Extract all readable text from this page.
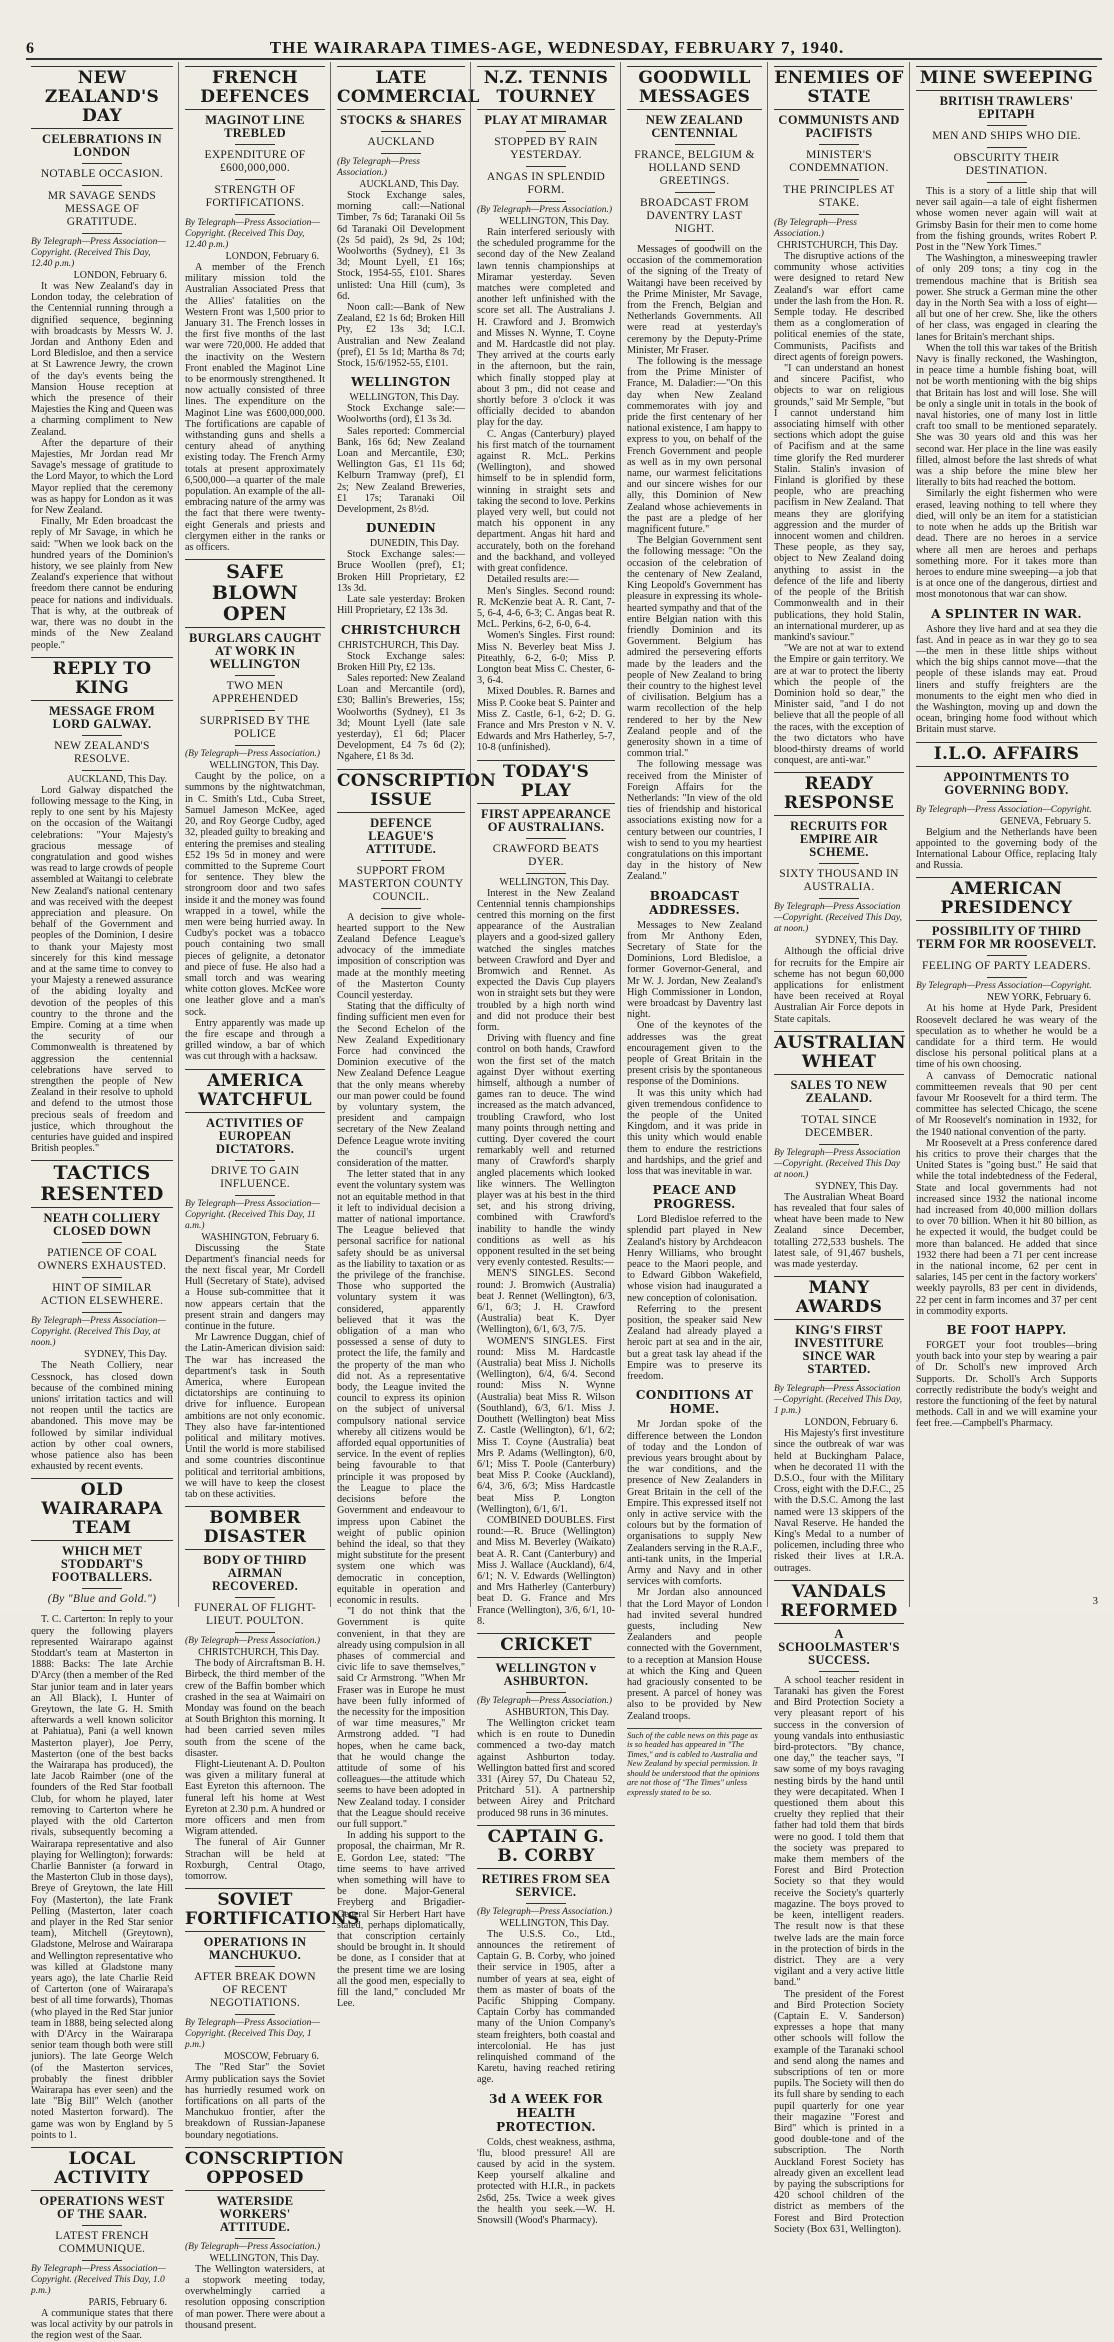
6	THE WAIRARAPA TIMES-AGE, WEDNESDAY, FEBRUARY 7, 1940.
NEW ZEALAND'S DAY
CELEBRATIONS IN LONDON
NOTABLE OCCASION.
MR SAVAGE SENDS MESSAGE OF GRATITUDE.
By Telegraph—Press Association—Copyright. (Received This Day, 12.40 p.m.)
LONDON, February 6.

It was New Zealand's day in London today, the celebration of the Centennial running through a dignified sequence, beginning with broadcasts by Messrs W. J. Jordan and Anthony Eden and Lord Bledisloe, and then a service at St Lawrence Jewry, the crown of the day's events being the Mansion House reception at which the presence of their Majesties the King and Queen was a charming compliment to New Zealand.

After the departure of their Majesties, Mr Jordan read Mr Savage's message of gratitude to the Lord Mayor, to which the Lord Mayor replied that the ceremony was as happy for London as it was for New Zealand.

Finally, Mr Eden broadcast the reply of Mr Savage, in which he said: "When we look back on the hundred years of the Dominion's history, we see plainly from New Zealand's experience that without freedom there cannot be enduring peace for nations and individuals. That is why, at the outbreak of war, there was no doubt in the minds of the New Zealand people."

REPLY TO KING
MESSAGE FROM LORD GALWAY.
NEW ZEALAND'S RESOLVE.
AUCKLAND, This Day.

Lord Galway dispatched the following message to the King, in reply to one sent by his Majesty on the occasion of the Waitangi celebrations: "Your Majesty's gracious message of congratulation and good wishes was read to large crowds of people assembled at Waitangi to celebrate New Zealand's national centenary and was received with the deepest appreciation and pleasure. On behalf of the Government and peoples of the Dominion, I desire to thank your Majesty most sincerely for this kind message and at the same time to convey to your Majesty a renewed assurance of the abiding loyalty and devotion of the peoples of this country to the throne and the Empire. Coming at a time when the security of our Commonwealth is threatened by aggression the centennial celebrations have served to strengthen the people of New Zealand in their resolve to uphold and defend to the utmost those precious seals of freedom and justice, which throughout the centuries have guided and inspired British peoples."

TACTICS RESENTED
NEATH COLLIERY CLOSED DOWN
PATIENCE OF COAL OWNERS EXHAUSTED.
HINT OF SIMILAR ACTION ELSEWHERE.
By Telegraph—Press Association—Copyright. (Received This Day, at noon.)
SYDNEY, This Day.

The Neath Colliery, near Cessnock, has closed down because of the combined mining unions' irritation tactics and will not reopen until the tactics are abandoned. This move may be followed by similar individual action by other coal owners, whose patience also has been exhausted by recent events.

OLD WAIRARAPA TEAM
WHICH MET STODDART'S FOOTBALLERS.
(By "Blue and Gold.")

T. C. Carterton: In reply to your query the following players represented Wairarapo against Stoddart's team at Masterton in 1888: Backs: The late Archie D'Arcy (then a member of the Red Star junior team and in later years an All Black), I. Hunter of Greytown, the late G. H. Smith afterwards a well known solicitor at Pahiatua), Pani (a well known Masterton player), Joe Perry, Masterton (one of the best backs the Wairarapa has produced), the late Jacob Raimber (one of the founders of the Red Star football Club, for whom he played, later removing to Carterton where he played with the old Carterton rivals, subsequently becoming a Wairarapa representative and also playing for Wellington); forwards: Charlie Bannister (a forward in the Masterton Club in those days), Breye of Greytown, the late Hill Foy (Masterton), the late Frank Pelling (Masterton, later coach and player in the Red Star senior team), Mitchell (Greytown), Gladstone, Melrose and Wairarapa and Wellington representative who was killed at Gladstone many years ago), the late Charlie Reid of Carterton (one of Wairarapa's best of all time forwards), Thomas (who played in the Red Star junior team in 1888, being selected along with D'Arcy in the Wairarapa senior team though both were still juniors). The late George Welch (of the Masterton services, probably the finest dribbler Wairarapa has ever seen) and the late "Big Bill" Welch (another noted Masterton forward). The game was won by England by 5 points to 1.

LOCAL ACTIVITY
OPERATIONS WEST OF THE SAAR.
LATEST FRENCH COMMUNIQUE.
By Telegraph—Press Association—Copyright. (Received This Day, 1.0 p.m.)
PARIS, February 6.

A communique states that there was local activity by our patrols in the region west of the Saar.

FRENCH DEFENCES
MAGINOT LINE TREBLED
EXPENDITURE OF £600,000,000.
STRENGTH OF FORTIFICATIONS.
By Telegraph—Press Association—Copyright. (Received This Day, 12.40 p.m.)
LONDON, February 6.

A member of the French military mission told the Australian Associated Press that the Allies' fatalities on the Western Front was 1,500 prior to January 31. The French losses in the first five months of the last war were 720,000. He added that the inactivity on the Western Front enabled the Maginot Line to be enormously strengthened. It now actually consisted of three lines. The expenditure on the Maginot Line was £600,000,000. The fortifications are capable of withstanding guns and shells a century ahead of anything existing today. The French Army totals at present approximately 6,500,000—a quarter of the male population. An example of the all-embracing nature of the army was the fact that there were twenty-eight Generals and priests and clergymen either in the ranks or as officers.

SAFE BLOWN OPEN
BURGLARS CAUGHT AT WORK IN WELLINGTON
TWO MEN APPREHENDED
SURPRISED BY THE POLICE
(By Telegraph—Press Association.)
WELLINGTON, This Day.

Caught by the police, on a summons by the nightwatchman, in C. Smith's Ltd., Cuba Street, Samuel Jameson McKee, aged 20, and Roy George Cudby, aged 32, pleaded guilty to breaking and entering the premises and stealing £52 19s 5d in money and were committed to the Supreme Court for sentence. They blew the strongroom door and two safes inside it and the money was found wrapped in a towel, while the men were being hurried away. In Cudby's pocket was a tobacco pouch containing two small pieces of gelignite, a detonator and piece of fuse. He also had a small torch and was wearing white cotton gloves. McKee wore one leather glove and a man's sock.

Entry apparently was made up the fire escape and through a grilled window, a bar of which was cut through with a hacksaw.

AMERICA WATCHFUL
ACTIVITIES OF EUROPEAN DICTATORS.
DRIVE TO GAIN INFLUENCE.
By Telegraph—Press Association—Copyright. (Received This Day, 11 a.m.)
WASHINGTON, February 6.

Discussing the State Department's financial needs for the next fiscal year, Mr Cordell Hull (Secretary of State), advised a House sub-committee that it now appears certain that the present strain and dangers may continue in the future.

Mr Lawrence Duggan, chief of the Latin-American division said: The war has increased the department's task in South America, where European dictatorships are continuing to drive for influence. European ambitions are not only economic. They also have far-intentioned political and military motives. Until the world is more stabilised and some countries discontinue political and territorial ambitions, we will have to keep the closest tab on these activities.

BOMBER DISASTER
BODY OF THIRD AIRMAN RECOVERED.
FUNERAL OF FLIGHT-LIEUT. POULTON.
(By Telegraph—Press Association.)
CHRISTCHURCH, This Day.

The body of Aircraftsman B. H. Birbeck, the third member of the crew of the Baffin bomber which crashed in the sea at Waimairi on Monday was found on the beach at South Brighton this morning. It had been carried seven miles south from the scene of the disaster.

Flight-Lieutenant A. D. Poulton was given a military funeral at East Eyreton this afternoon. The funeral left his home at West Eyreton at 2.30 p.m. A hundred or more officers and men from Wigram attended.

The funeral of Air Gunner Strachan will be held at Roxburgh, Central Otago, tomorrow.

SOVIET FORTIFICATIONS
OPERATIONS IN MANCHUKUO.
AFTER BREAK DOWN OF RECENT NEGOTIATIONS.
By Telegraph—Press Association—Copyright. (Received This Day, 1 p.m.)
MOSCOW, February 6.

The "Red Star" the Soviet Army publication says the Soviet has hurriedly resumed work on fortifications on all parts of the Manchukuo frontier, after the breakdown of Russian-Japanese boundary negotiations.

CONSCRIPTION OPPOSED
WATERSIDE WORKERS' ATTITUDE.
(By Telegraph—Press Association.)
WELLINGTON, This Day.

The Wellington watersiders, at a stopwork meeting today, overwhelmingly carried a resolution opposing conscription of man power. There were about a thousand present.

LATE COMMERCIAL
STOCKS & SHARES
AUCKLAND
(By Telegraph—Press Association.)
AUCKLAND, This Day.

Stock Exchange sales, morning call:—National Timber, 7s 6d; Taranaki Oil 5s 6d Taranaki Oil Development (2s 5d paid), 2s 9d, 2s 10d; Woolworths (Sydney), £1 3s 3d; Mount Lyell, £1 16s; Stock, 1954-55, £101. Shares unlisted: Una Hill (cum), 3s 6d.

Noon call:—Bank of New Zealand, £2 1s 6d; Broken Hill Pty, £2 13s 3d; I.C.I. Australian and New Zealand (pref), £1 5s 1d; Martha 8s 7d; Stock, 15/6/1952-55, £101.

WELLINGTON
WELLINGTON, This Day.

Stock Exchange sale:—Woolworths (ord), £1 3s 3d.

Sales reported: Commercial Bank, 16s 6d; New Zealand Loan and Mercantile, £30; Wellington Gas, £1 11s 6d; Kelburn Tramway (pref), £1 2s; New Zealand Breweries, £1 17s; Taranaki Oil Development, 2s 8½d.

DUNEDIN
DUNEDIN, This Day.

Stock Exchange sales:—Bruce Woollen (pref), £1; Broken Hill Proprietary, £2 13s 3d.

Late sale yesterday: Broken Hill Proprietary, £2 13s 3d.

CHRISTCHURCH
CHRISTCHURCH, This Day.

Stock Exchange sales: Broken Hill Pty, £2 13s.

Sales reported: New Zealand Loan and Mercantile (ord), £30; Ballin's Breweries, 15s; Woolworths (Sydney), £1 3s 3d; Mount Lyell (late sale yesterday), £1 6d; Placer Development, £4 7s 6d (2); Ngahere, £1 8s 3d.

CONSCRIPTION ISSUE
DEFENCE LEAGUE'S ATTITUDE.
SUPPORT FROM MASTERTON COUNTY COUNCIL.

A decision to give whole-hearted support to the New Zealand Defence League's advocacy of the immediate imposition of conscription was made at the monthly meeting of the Masterton County Council yesterday.

Stating that the difficulty of finding sufficient men even for the Second Echelon of the New Zealand Expeditionary Force had convinced the Dominion executive of the New Zealand Defence League that the only means whereby our man power could be found by voluntary system, the president and campaign secretary of the New Zealand Defence League wrote inviting the council's urgent consideration of the matter.

The letter stated that in any event the voluntary system was not an equitable method in that it left to individual decision a matter of national importance. The League believed that personal sacrifice for national safety should be as universal as the liability to taxation or as the privilege of the franchise. Those who supported the voluntary system it was considered, apparently believed that it was the obligation of a man who possessed a sense of duty to protect the life, the family and the property of the man who did not. As a representative body, the League invited the council to express its opinion on the subject of universal compulsory national service whereby all citizens would be afforded equal opportunities of service. In the event of replies being favourable to that principle it was proposed by the League to place the decisions before the Government and endeavour to impress upon Cabinet the weight of public opinion behind the ideal, so that they might substitute for the present system one which was democratic in conception, equitable in operation and economic in results.

"I do not think that the Government is quite convenient, in that they are already using compulsion in all phases of commercial and civic life to save themselves," said Cr Armstrong. "When Mr Fraser was in Europe he must have been fully informed of the necessity for the imposition of war time measures," Mr Armstrong added. "I had hopes, when he came back, that he would change the attitude of some of his colleagues—the attitude which seems to have been adopted in New Zealand today. I consider that the League should receive our full support."

In adding his support to the proposal, the chairman, Mr R. E. Gordon Lee, stated: "The time seems to have arrived when something will have to be done. Major-General Freyberg and Brigadier-General Sir Herbert Hart have stated, perhaps diplomatically, that conscription certainly should be brought in. It should be done, as I consider that at the present time we are losing all the good men, especially to fill the land," concluded Mr Lee.

N.Z. TENNIS TOURNEY
PLAY AT MIRAMAR
STOPPED BY RAIN YESTERDAY.
ANGAS IN SPLENDID FORM.
(By Telegraph—Press Association.)
WELLINGTON, This Day.

Rain interfered seriously with the scheduled programme for the second day of the New Zealand lawn tennis championships at Miramar yesterday. Seven matches were completed and another left unfinished with the score set all. The Australians J. H. Crawford and J. Bromwich and Misses N. Wynne, T. Coyne and M. Hardcastle did not play. They arrived at the courts early in the afternoon, but the rain, which finally stopped play at about 3 pm., did not cease and shortly before 3 o'clock it was officially decided to abandon play for the day.

C. Angas (Canterbury) played his first match of the tournament against R. McL. Perkins (Wellington), and showed himself to be in splendid form, winning in straight sets and taking the second to love. Perkins played very well, but could not match his opponent in any department. Angas hit hard and accurately, both on the forehand and the backhand, and volleyed with great confidence.

Detailed results are:—

Men's Singles. Second round: R. McKenzie beat A. R. Cant, 7-5, 6-4, 4-6, 6-3; C. Angas beat R. McL. Perkins, 6-2, 6-0, 6-4.

Women's Singles. First round: Miss N. Beverley beat Miss J. Piteathly, 6-2, 6-0; Miss P. Longton beat Miss C. Chester, 6-3, 6-4.

Mixed Doubles. R. Barnes and Miss P. Cooke beat S. Painter and Miss Z. Castle, 6-1, 6-2; D. G. France and Mrs Preston v N. V. Edwards and Mrs Hatherley, 5-7, 10-8 (unfinished).

TODAY'S PLAY
FIRST APPEARANCE OF AUSTRALIANS.
CRAWFORD BEATS DYER.
WELLINGTON, This Day.

Interest in the New Zealand Centennial tennis championships centred this morning on the first appearance of the Australian players and a good-sized gallery watched the singles matches between Crawford and Dyer and Bromwich and Rennet. As expected the Davis Cup players won in straight sets but they were troubled by a high north wind and did not produce their best form.

Driving with fluency and fine control on both hands, Crawford won the first set of the match against Dyer without exerting himself, although a number of games ran to deuce. The wind increased as the match advanced, troubling Crawford, who lost many points through netting and cutting. Dyer covered the court remarkably well and returned many of Crawford's sharply angled placements which looked like winners. The Wellington player was at his best in the third set, and his strong driving, combined with Crawford's inability to handle the windy conditions as well as his opponent resulted in the set being very evenly contested. Results:—

MEN'S SINGLES. Second round: J. Bromwich (Australia) beat J. Rennet (Wellington), 6/3, 6/1, 6/3; J. H. Crawford (Australia) beat K. Dyer (Wellington), 6/1, 6/3, 7/5.

WOMEN'S SINGLES. First round: Miss M. Hardcastle (Australia) beat Miss J. Nicholls (Wellington), 6/4, 6/4. Second round: Miss N. Wynne (Australia) beat Miss R. Wilson (Southland), 6/3, 6/1. Miss J. Douthett (Wellington) beat Miss Z. Castle (Wellington), 6/1, 6/2; Miss T. Coyne (Australia) beat Mrs P. Adams (Wellington), 6/0, 6/1; Miss T. Poole (Canterbury) beat Miss P. Cooke (Auckland), 6/4, 3/6, 6/3; Miss Hardcastle beat Miss P. Longton (Wellington), 6/1, 6/1.

COMBINED DOUBLES. First round:—R. Bruce (Wellington) and Miss M. Beverley (Waikato) beat A. R. Cant (Canterbury) and Miss J. Wallace (Auckland), 6/4, 6/1; N. V. Edwards (Wellington) and Mrs Hatherley (Canterbury) beat D. G. France and Mrs France (Wellington), 3/6, 6/1, 10-8.

CRICKET
WELLINGTON v ASHBURTON.
(By Telegraph—Press Association.)
ASHBURTON, This Day.

The Wellington cricket team which is en route to Dunedin commenced a two-day match against Ashburton today. Wellington batted first and scored 331 (Airey 57, Du Chateau 52, Pritchard 51). A partnership between Airey and Pritchard produced 98 runs in 36 minutes.

CAPTAIN G. B. CORBY
RETIRES FROM SEA SERVICE.
(By Telegraph—Press Association.)
WELLINGTON, This Day.

The U.S.S. Co., Ltd., announces the retirement of Captain G. B. Corby, who joined their service in 1905, after a number of years at sea, eight of them as master of boats of the Pacific Shipping Company. Captain Corby has commanded many of the Union Company's steam freighters, both coastal and intercolonial. He has just relinquished command of the Karetu, having reached retiring age.

3d A WEEK FOR HEALTH PROTECTION.

Colds, chest weakness, asthma, 'flu, blood pressure! All are caused by acid in the system. Keep yourself alkaline and protected with H.I.R., in packets 2s6d, 25s. Twice a week gives the health you seek.—W. H. Snowsill (Wood's Pharmacy).

GOODWILL MESSAGES
NEW ZEALAND CENTENNIAL
FRANCE, BELGIUM & HOLLAND SEND GREETINGS.
BROADCAST FROM DAVENTRY LAST NIGHT.

Messages of goodwill on the occasion of the commemoration of the signing of the Treaty of Waitangi have been received by the Prime Minister, Mr Savage, from the French, Belgian and Netherlands Governments. All were read at yesterday's ceremony by the Deputy-Prime Minister, Mr Fraser.

The following is the message from the Prime Minister of France, M. Daladier:—"On this day when New Zealand commemorates with joy and pride the first centenary of her national existence, I am happy to express to you, on behalf of the French Government and people as well as in my own personal name, our warmest felicitations and our sincere wishes for our ally, this Dominion of New Zealand whose achievements in the past are a pledge of her magnificent future."

The Belgian Government sent the following message: "On the occasion of the celebration of the centenary of New Zealand, King Leopold's Government has pleasure in expressing its whole-hearted sympathy and that of the entire Belgian nation with this friendly Dominion and its Government. Belgium has admired the persevering efforts made by the leaders and the people of New Zealand to bring their country to the highest level of civilisation. Belgium has a warm recollection of the help rendered to her by the New Zealand people and of the generosity shown in a time of common trial."

The following message was received from the Minister of Foreign Affairs for the Netherlands: "In view of the old ties of friendship and historical associations existing now for a century between our countries, I wish to send to you my heartiest congratulations on this important day in the history of New Zealand."

BROADCAST ADDRESSES.

Messages to New Zealand from Mr Anthony Eden, Secretary of State for the Dominions, Lord Bledisloe, a former Governor-General, and Mr W. J. Jordan, New Zealand's High Commissioner in London, were broadcast by Daventry last night.

One of the keynotes of the addresses was the great encouragement given to the people of Great Britain in the present crisis by the spontaneous response of the Dominions.

It was this unity which had given tremendous confidence to the people of the United Kingdom, and it was pride in this unity which would enable them to endure the restrictions and hardships, and the grief and loss that was inevitable in war.

PEACE AND PROGRESS.

Lord Bledisloe referred to the splendid part played in New Zealand's history by Archdeacon Henry Williams, who brought peace to the Maori people, and to Edward Gibbon Wakefield, whose vision had inaugurated a new conception of colonisation.

Referring to the present position, the speaker said New Zealand had already played a heroic part at sea and in the air, but a great task lay ahead if the Empire was to preserve its freedom.

CONDITIONS AT HOME.

Mr Jordan spoke of the difference between the London of today and the London of previous years brought about by the war conditions, and the presence of New Zealanders in Great Britain in the cell of the Empire. This expressed itself not only in active service with the colours but by the formation of organisations to supply New Zealanders serving in the R.A.F., anti-tank units, in the Imperial Army and Navy and in other services with comforts.

Mr Jordan also announced that the Lord Mayor of London had invited several hundred guests, including New Zealanders and people connected with the Government, to a reception at Mansion House at which the King and Queen had graciously consented to be present. A parcel of honey was also to be provided by New Zealand troops.

Such of the cable news on this page as is so headed has appeared in "The Times," and is cabled to Australia and New Zealand by special permission. It should be understood that the opinions are not those of "The Times" unless expressly stated to be so.
ENEMIES OF STATE
COMMUNISTS AND PACIFISTS
MINISTER'S CONDEMNATION.
THE PRINCIPLES AT STAKE.
(By Telegraph—Press Association.)
CHRISTCHURCH, This Day.

The disruptive actions of the community whose activities were designed to retard New Zealand's war effort came under the lash from the Hon. R. Semple today. He described them as a conglomeration of political enemies of the state, Communists, Pacifists and direct agents of foreign powers.

"I can understand an honest and sincere Pacifist, who objects to war on religious grounds," said Mr Semple, "but I cannot understand him associating himself with other sections which adopt the guise of Pacifism and at the same time glorify the Red murderer Stalin. Stalin's invasion of Finland is glorified by these people, who are preaching pacifism in New Zealand. That means they are glorifying aggression and the murder of innocent women and children. These people, as they say, object to New Zealand doing anything to assist in the defence of the life and liberty of the people of the British Commonwealth and in their publications, they hold Stalin, an international murderer, up as mankind's saviour."

"We are not at war to extend the Empire or gain territory. We are at war to protect the liberty which the people of the Dominion hold so dear," the Minister said, "and I do not believe that all the people of all the races, with the exception of the two dictators who have blood-thirsty dreams of world conquest, are anti-war."

READY RESPONSE
RECRUITS FOR EMPIRE AIR SCHEME.
SIXTY THOUSAND IN AUSTRALIA.
By Telegraph—Press Association—Copyright. (Received This Day, at noon.)
SYDNEY, This Day.

Although the official drive for recruits for the Empire air scheme has not begun 60,000 applications for enlistment have been received at Royal Australian Air Force depots in State capitals.

AUSTRALIAN WHEAT
SALES TO NEW ZEALAND.
TOTAL SINCE DECEMBER.
By Telegraph—Press Association—Copyright. (Received This Day at noon.)
SYDNEY, This Day.

The Australian Wheat Board has revealed that four sales of wheat have been made to New Zealand since December, totalling 272,533 bushels. The latest sale, of 91,467 bushels, was made yesterday.

MANY AWARDS
KING'S FIRST INVESTITURE SINCE WAR STARTED.
By Telegraph—Press Association—Copyright. (Received This Day, 1 p.m.)
LONDON, February 6.

His Majesty's first investiture since the outbreak of war was held at Buckingham Palace, when he decorated 11 with the D.S.O., four with the Military Cross, eight with the D.F.C., 25 with the D.S.C. Among the last named were 13 skippers of the Naval Reserve. He handed the King's Medal to a number of policemen, including three who risked their lives at I.R.A. outrages.

VANDALS REFORMED
A SCHOOLMASTER'S SUCCESS.

A school teacher resident in Taranaki has given the Forest and Bird Protection Society a very pleasant report of his success in the conversion of young vandals into enthusiastic bird-protectors. "By chance, one day," the teacher says, "I saw some of my boys ravaging nesting birds by the hand until they were decapitated. When I questioned them about this cruelty they replied that their father had told them that birds were no good. I told them that the society was prepared to make them members of the Forest and Bird Protection Society so that they would receive the Society's quarterly magazine. The boys proved to be keen, intelligent readers. The result now is that these twelve lads are the main force in the protection of birds in the district. They are a very vigilant and a very active little band."

The president of the Forest and Bird Protection Society (Captain E. V. Sanderson) expresses a hope that many other schools will follow the example of the Taranaki school and send along the names and subscriptions of ten or more pupils. The Society will then do its full share by sending to each pupil quarterly for one year their magazine "Forest and Bird" which is printed in a good double-tone and of the subscription. The North Auckland Forest Society has already given an excellent lead by paying the subscriptions for 420 school children of the district as members of the Forest and Bird Protection Society (Box 631, Wellington).

MINE SWEEPING
BRITISH TRAWLERS' EPITAPH
MEN AND SHIPS WHO DIE.
OBSCURITY THEIR DESTINATION.

This is a story of a little ship that will never sail again—a tale of eight fishermen whose women never again will wait at Grimsby Basin for their men to come home from the fishing grounds, writes Robert P. Post in the "New York Times."

The Washington, a minesweeping trawler of only 209 tons; a tiny cog in the tremendous machine that is British sea power. She struck a German mine the other day in the North Sea with a loss of eight—all but one of her crew. She, like the others of her class, was engaged in clearing the lanes for Britain's merchant ships.

When the toll this war takes of the British Navy is finally reckoned, the Washington, in peace time a humble fishing boat, will not be worth mentioning with the big ships that Britain has lost and will lose. She will be only a single unit in totals in the book of naval histories, one of many lost in little craft too small to be mentioned separately. She was 30 years old and this was her second war. Her place in the line was easily filled, almost before the last shreds of what was a ship before the mine blew her literally to bits had reached the bottom.

Similarly the eight fishermen who were erased, leaving nothing to tell where they died, will only be an item for a statistician to note when he adds up the British war dead. There are no heroes in a service where all men are heroes and perhaps something more. For it takes more than heroes to endure mine sweeping—a job that is at once one of the dangerous, dirtiest and most monotonous that war can show.

A SPLINTER IN WAR.

Ashore they live hard and at sea they die fast. And in peace as in war they go to sea—the men in these little ships without which the big ships cannot move—that the people of these islands may eat. Proud liners and stuffy freighters are the monuments to the eight men who died in the Washington, moving up and down the ocean, bringing home food without which Britain must starve.

I.L.O. AFFAIRS
APPOINTMENTS TO GOVERNING BODY.
By Telegraph—Press Association—Copyright.
GENEVA, February 5.

Belgium and the Netherlands have been appointed to the governing body of the International Labour Office, replacing Italy and Russia.

AMERICAN PRESIDENCY
POSSIBILITY OF THIRD TERM FOR MR ROOSEVELT.
FEELING OF PARTY LEADERS.
By Telegraph—Press Association—Copyright.
NEW YORK, February 6.

At his home at Hyde Park, President Roosevelt declared he was weary of the speculation as to whether he would be a candidate for a third term. He would disclose his personal political plans at a time of his own choosing.

A canvass of Democratic national committeemen reveals that 90 per cent favour Mr Roosevelt for a third term. The committee has selected Chicago, the scene of Mr Roosevelt's nomination in 1932, for the 1940 national convention of the party.

Mr Roosevelt at a Press conference dared his critics to prove their charges that the United States is "going bust." He said that while the total indebtedness of the Federal, State and local governments had not increased since 1932 the national income had increased from 40,000 million dollars to over 70 billion. When it hit 80 billion, as he expected it would, the budget could be more than balanced. He added that since 1932 there had been a 71 per cent increase in the national income, 62 per cent in salaries, 145 per cent in the factory workers' weekly payrolls, 83 per cent in dividends, 22 per cent in farm incomes and 37 per cent in commodity exports.

BE FOOT HAPPY.

FORGET your foot troubles—bring youth back into your step by wearing a pair of Dr. Scholl's new improved Arch Supports. Dr. Scholl's Arch Supports correctly redistribute the body's weight and restore the functioning of the feet by natural methods. Call in and we will examine your feet free.—Campbell's Pharmacy.

3
